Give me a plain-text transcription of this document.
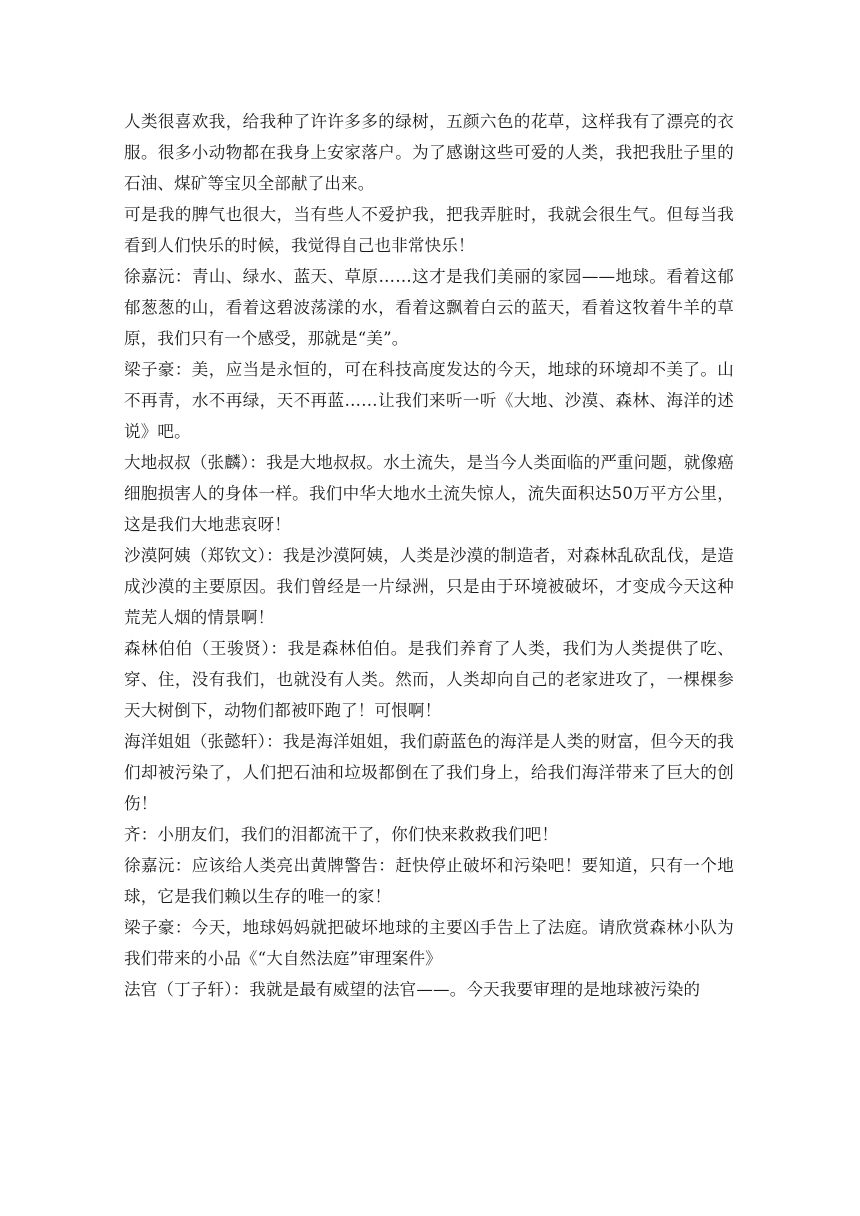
人类很喜欢我，给我种了许许多多的绿树，五颜六色的花草，这样我有了漂亮的衣服。很多小动物都在我身上安家落户。为了感谢这些可爱的人类，我把我肚子里的石油、煤矿等宝贝全部献了出来。

可是我的脾气也很大，当有些人不爱护我，把我弄脏时，我就会很生气。但每当我看到人们快乐的时候，我觉得自己也非常快乐！

徐嘉沅：青山、绿水、蓝天、草原……这才是我们美丽的家园——地球。看着这郁郁葱葱的山，看着这碧波荡漾的水，看着这飘着白云的蓝天，看着这牧着牛羊的草原，我们只有一个感受，那就是“美”。

梁子豪：美，应当是永恒的，可在科技高度发达的今天，地球的环境却不美了。山不再青，水不再绿，天不再蓝……让我们来听一听《大地、沙漠、森林、海洋的述说》吧。

大地叔叔（张麟）：我是大地叔叔。水土流失，是当今人类面临的严重问题，就像癌细胞损害人的身体一样。我们中华大地水土流失惊人，流失面积达50万平方公里，这是我们大地悲哀呀！

沙漠阿姨（郑钦文）：我是沙漠阿姨，人类是沙漠的制造者，对森林乱砍乱伐，是造成沙漠的主要原因。我们曾经是一片绿洲，只是由于环境被破坏，才变成今天这种荒芜人烟的情景啊！

森林伯伯（王骏贤）：我是森林伯伯。是我们养育了人类，我们为人类提供了吃、穿、住，没有我们，也就没有人类。然而，人类却向自己的老家进攻了，一棵棵参天大树倒下，动物们都被吓跑了！可恨啊！

海洋姐姐（张懿轩）：我是海洋姐姐，我们蔚蓝色的海洋是人类的财富，但今天的我们却被污染了，人们把石油和垃圾都倒在了我们身上，给我们海洋带来了巨大的创伤！

齐：小朋友们，我们的泪都流干了，你们快来救救我们吧！

徐嘉沅：应该给人类亮出黄牌警告：赶快停止破坏和污染吧！要知道，只有一个地球，它是我们赖以生存的唯一的家！

梁子豪：今天，地球妈妈就把破坏地球的主要凶手告上了法庭。请欣赏森林小队为我们带来的小品《“大自然法庭”审理案件》

法官（丁子轩）：我就是最有威望的法官——。今天我要审理的是地球被污染的
